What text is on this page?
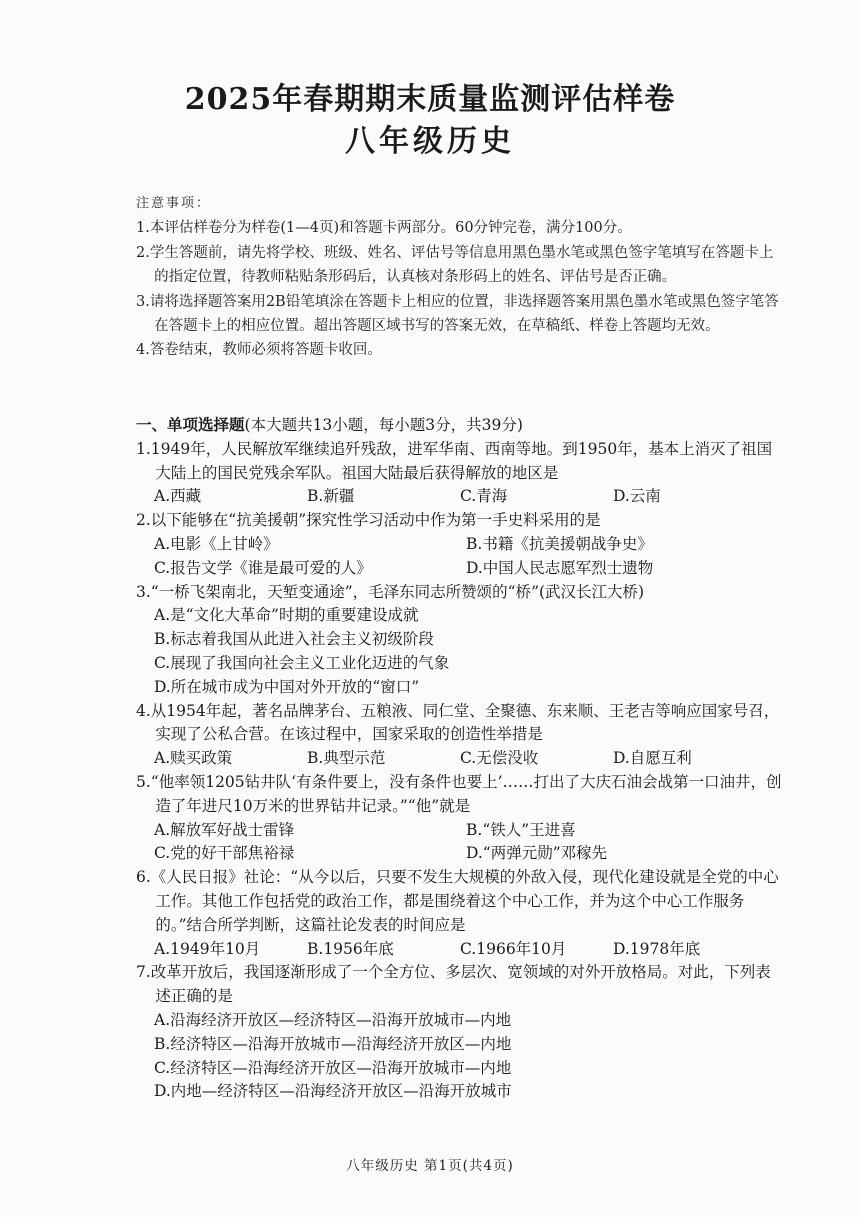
2025年春期期末质量监测评估样卷
八年级历史
注意事项：
1.本评估样卷分为样卷(1—4页)和答题卡两部分。60分钟完卷，满分100分。
2.学生答题前，请先将学校、班级、姓名、评估号等信息用黑色墨水笔或黑色签字笔填写在答题卡上的指定位置，待教师粘贴条形码后，认真核对条形码上的姓名、评估号是否正确。
3.请将选择题答案用2B铅笔填涂在答题卡上相应的位置，非选择题答案用黑色墨水笔或黑色签字笔答在答题卡上的相应位置。超出答题区域书写的答案无效，在草稿纸、样卷上答题均无效。
4.答卷结束，教师必须将答题卡收回。
一、单项选择题(本大题共13小题，每小题3分，共39分)
1.1949年，人民解放军继续追歼残敌，进军华南、西南等地。到1950年，基本上消灭了祖国大陆上的国民党残余军队。祖国大陆最后获得解放的地区是
A.西藏	B.新疆	C.青海	D.云南
2.以下能够在“抗美援朝”探究性学习活动中作为第一手史料采用的是
A.电影《上甘岭》	B.书籍《抗美援朝战争史》
C.报告文学《谁是最可爱的人》	D.中国人民志愿军烈士遗物
3.“一桥飞架南北，天堑变通途”，毛泽东同志所赞颂的“桥”(武汉长江大桥)
A.是“文化大革命”时期的重要建设成就
B.标志着我国从此进入社会主义初级阶段
C.展现了我国向社会主义工业化迈进的气象
D.所在城市成为中国对外开放的“窗口”
4.从1954年起，著名品牌茅台、五粮液、同仁堂、全聚德、东来顺、王老吉等响应国家号召，实现了公私合营。在该过程中，国家采取的创造性举措是
A.赎买政策	B.典型示范	C.无偿没收	D.自愿互利
5.“他率领1205钻井队‘有条件要上，没有条件也要上’……打出了大庆石油会战第一口油井，创造了年进尺10万米的世界钻井记录。”“他”就是
A.解放军好战士雷锋	B.“铁人”王进喜
C.党的好干部焦裕禄	D.“两弹元勋”邓稼先
6.《人民日报》社论：“从今以后，只要不发生大规模的外敌入侵，现代化建设就是全党的中心工作。其他工作包括党的政治工作，都是围绕着这个中心工作，并为这个中心工作服务的。”结合所学判断，这篇社论发表的时间应是
A.1949年10月	B.1956年底	C.1966年10月	D.1978年底
7.改革开放后，我国逐渐形成了一个全方位、多层次、宽领域的对外开放格局。对此，下列表述正确的是
A.沿海经济开放区—经济特区—沿海开放城市—内地
B.经济特区—沿海开放城市—沿海经济开放区—内地
C.经济特区—沿海经济开放区—沿海开放城市—内地
D.内地—经济特区—沿海经济开放区—沿海开放城市
八年级历史 第1页(共4页)
